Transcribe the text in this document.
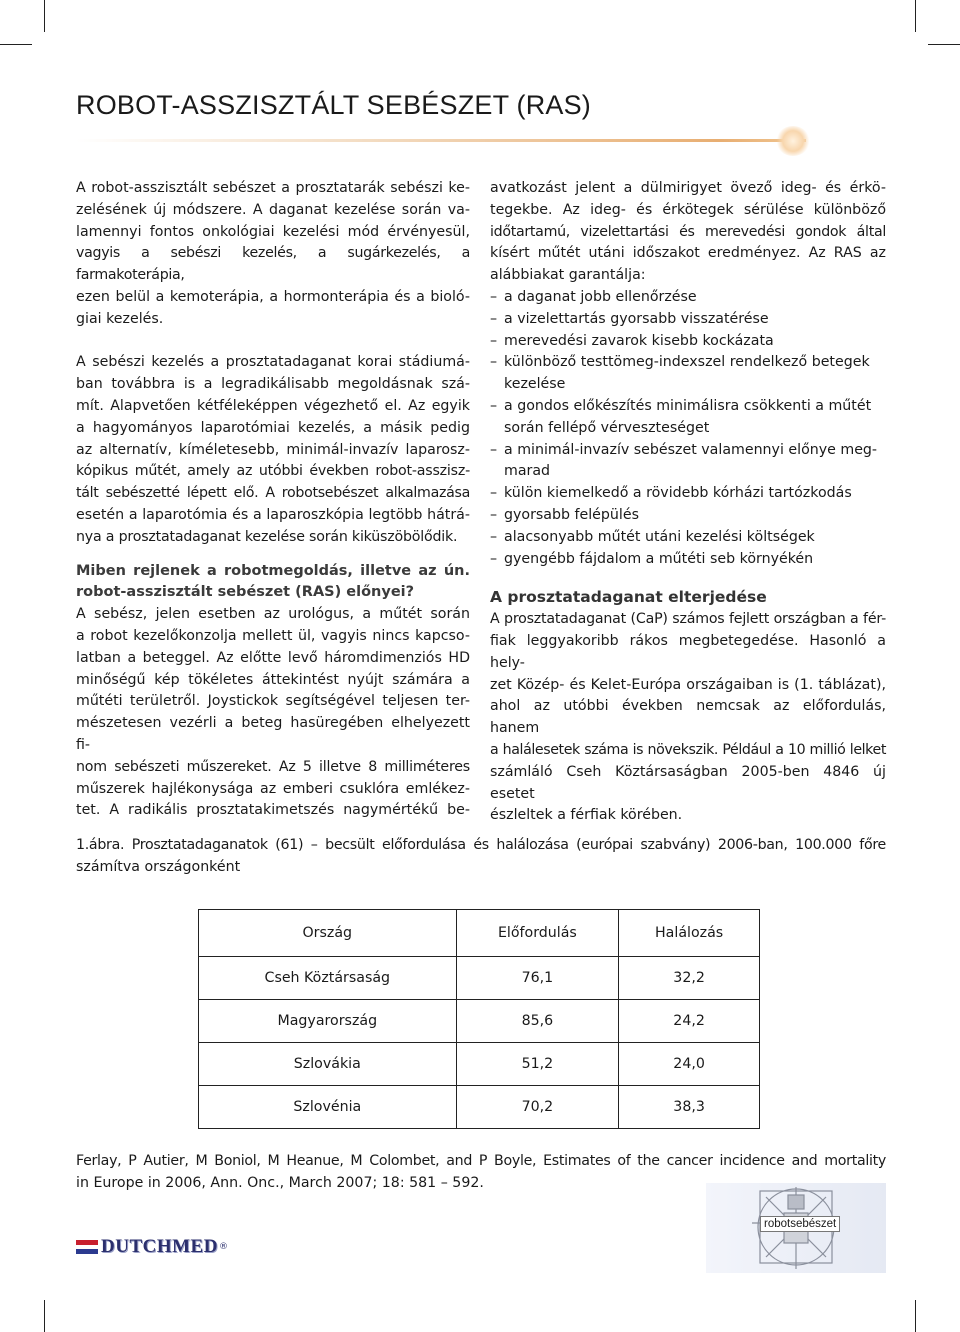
ROBOT-ASSZISZTÁLT SEBÉSZET (RAS)

A robot-asszisztált sebészet a prosztatarák sebészi ke-

zelésének új módszere. A daganat kezelése során va-

lamennyi fontos onkológiai kezelési mód érvényesül,

vagyis a sebészi kezelés, a sugárkezelés, a farmakoterápia,

ezen belül a kemoterápia, a hormonterápia és a bioló-

giai kezelés.

A sebészi kezelés a prosztatadaganat korai stádiumá-

ban továbbra is a legradikálisabb megoldásnak szá-

mít. Alapvetően kétféleképpen végezhető el. Az egyik

a hagyományos laparotómiai kezelés, a másik pedig

az alternatív, kíméletesebb, minimál-invazív laparosz-

kópikus műtét, amely az utóbbi években robot-asszisz-

tált sebészetté lépett elő. A robotsebészet alkalmazása

esetén a laparotómia és a laparoszkópia legtöbb hátrá-

nya a prosztatadaganat kezelése során kiküszöbölődik.

Miben rejlenek a robotmegoldás, illetve az ún.

robot-asszisztált sebészet (RAS) előnyei?

A sebész, jelen esetben az urológus, a műtét során

a robot kezelőkonzolja mellett ül, vagyis nincs kapcso-

latban a beteggel. Az előtte levő háromdimenziós HD

minőségű kép tökéletes áttekintést nyújt számára a

műtéti területről. Joystickok segítségével teljesen ter-

mészetesen vezérli a beteg hasüregében elhelyezett fi-

nom sebészeti műszereket. Az 5 illetve 8 milliméteres

műszerek hajlékonysága az emberi csuklóra emlékez-

tet. A radikális prosztatakimetszés nagymértékű be-

avatkozást jelent a dülmirigyet övező ideg- és érkö-

tegekbe. Az ideg- és érkötegek sérülése különböző

időtartamú, vizelettartási és merevedési gondok által

kísért műtét utáni időszakot eredményez. Az RAS az

alábbiakat garantálja:

– a daganat jobb ellenőrzése
– a vizelettartás gyorsabb visszatérése
– merevedési zavarok kisebb kockázata
– különböző testtömeg-indexszel rendelkező betegek
kezelése
– a gondos előkészítés minimálisra csökkenti a műtét
során fellépő vérveszteséget
– a minimál-invazív sebészet valamennyi előnye meg-
marad
– külön kiemelkedő a rövidebb kórházi tartózkodás
– gyorsabb felépülés
– alacsonyabb műtét utáni kezelési költségek
– gyengébb fájdalom a műtéti seb környékén

A prosztatadaganat elterjedése

A prosztatadaganat (CaP) számos fejlett országban a fér-

fiak leggyakoribb rákos megbetegedése. Hasonló a hely-

zet Közép- és Kelet-Európa országaiban is (1. táblázat),

ahol az utóbbi években nemcsak az előfordulás, hanem

a halálesetek száma is növekszik. Például a 10 millió lelket

számláló Cseh Köztársaságban 2005-ben 4846 új esetet

észleltek a férfiak körében.

1.ábra. Prosztatadaganatok (61) – becsült előfordulása és halálozása (európai szabvány) 2006-ban, 100.000 főre
számítva országonként
Ország	Előfordulás	Halálozás
Cseh Köztársaság	76,1	32,2
Magyarország	85,6	24,2
Szlovákia	51,2	24,0
Szlovénia	70,2	38,3
Ferlay, P Autier, M Boniol, M Heanue, M Colombet, and P Boyle, Estimates of the cancer incidence and mortality
in Europe in 2006, Ann. Onc., March 2007; 18: 581 – 592.
DUTCHMED ®
robotsebészet
